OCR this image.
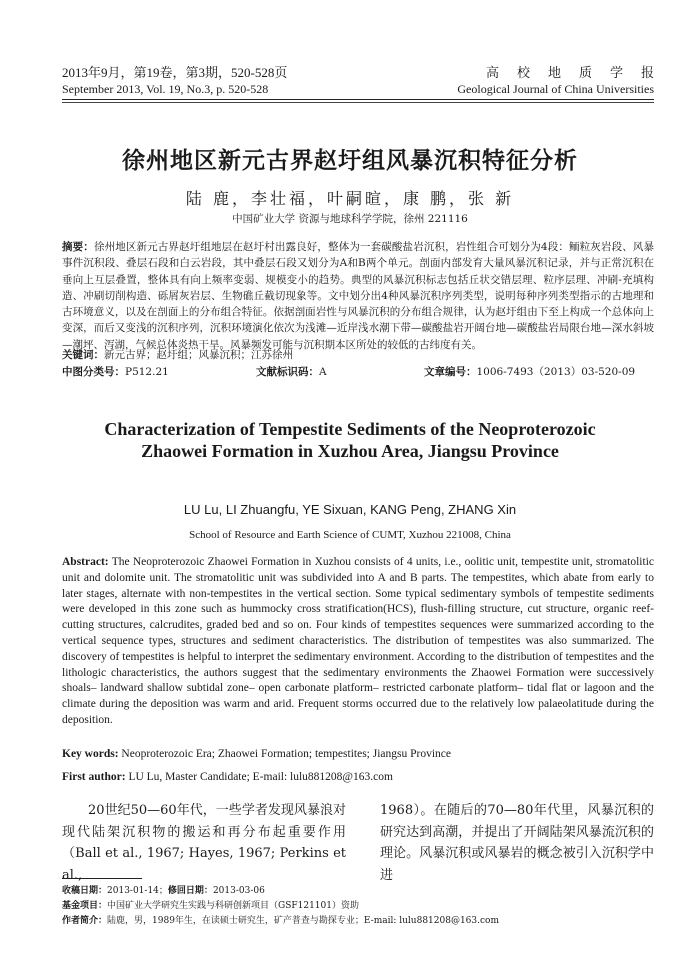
2013年9月，第19卷，第3期，520-528页	高校地质学报
September 2013, Vol. 19, No.3, p. 520-528	Geological Journal of China Universities
徐州地区新元古界赵圩组风暴沉积特征分析
陆 鹿，李壮福，叶嗣暄，康 鹏，张 新
中国矿业大学 资源与地球科学学院，徐州 221116
摘要：徐州地区新元古界赵圩组地层在赵圩村出露良好，整体为一套碳酸盐岩沉积，岩性组合可划分为4段：鲕粒灰岩段、风暴事件沉积段、叠层石段和白云岩段，其中叠层石段又划分为A和B两个单元。剖面内部发育大量风暴沉积记录，并与正常沉积在垂向上互层叠置，整体具有向上频率变弱、规模变小的趋势。典型的风暴沉积标志包括丘状交错层理、粒序层理、冲刷-充填构造、冲刷切削构造、砾屑灰岩层、生物礁丘截切现象等。文中划分出4种风暴沉积序列类型，说明每种序列类型指示的古地理和古环境意义，以及在剖面上的分布组合特征。依据剖面岩性与风暴沉积的分布组合规律，认为赵圩组由下至上构成一个总体向上变深，而后又变浅的沉积序列，沉积环境演化依次为浅滩—近岸浅水潮下带—碳酸盐岩开阔台地—碳酸盐岩局限台地—深水斜坡—潮坪、泻湖，气候总体炎热干旱。风暴频发可能与沉积期本区所处的较低的古纬度有关。
关键词：新元古界；赵圩组；风暴沉积；江苏徐州
中图分类号：P512.21	文献标识码：A	文章编号：1006-7493（2013）03-520-09
Characterization of Tempestite Sediments of the Neoproterozoic
Zhaowei Formation in Xuzhou Area, Jiangsu Province
LU Lu, LI Zhuangfu, YE Sixuan, KANG Peng, ZHANG Xin
School of Resource and Earth Science of CUMT, Xuzhou 221008, China
Abstract: The Neoproterozoic Zhaowei Formation in Xuzhou consists of 4 units, i.e., oolitic unit, tempestite unit, stromatolitic unit and dolomite unit. The stromatolitic unit was subdivided into A and B parts. The tempestites, which abate from early to later stages, alternate with non-tempestites in the vertical section. Some typical sedimentary symbols of tempestite sediments were developed in this zone such as hummocky cross stratification(HCS), flush-filling structure, cut structure, organic reef-cutting structures, calcrudites, graded bed and so on. Four kinds of tempestites sequences were summarized according to the vertical sequence types, structures and sediment characteristics. The distribution of tempestites was also summarized. The discovery of tempestites is helpful to interpret the sedimentary environment. According to the distribution of tempestites and the lithologic characteristics, the authors suggest that the sedimentary environments the Zhaowei Formation were successively shoals– landward shallow subtidal zone– open carbonate platform– restricted carbonate platform– tidal flat or lagoon and the climate during the deposition was warm and arid. Frequent storms occurred due to the relatively low palaeolatitude during the deposition.
Key words: Neoproterozoic Era; Zhaowei Formation; tempestites; Jiangsu Province
First author: LU Lu, Master Candidate; E-mail: lulu881208@163.com
20世纪50—60年代，一些学者发现风暴浪对现代陆架沉积物的搬运和再分布起重要作用（Ball et al., 1967; Hayes, 1967; Perkins et al.,
1968）。在随后的70—80年代里，风暴沉积的研究达到高潮，并提出了开阔陆架风暴流沉积的理论。风暴沉积或风暴岩的概念被引入沉积学中进
收稿日期：2013-01-14；修回日期：2013-03-06
基金项目：中国矿业大学研究生实践与科研创新项目（GSF121101）资助
作者简介：陆鹿，男，1989年生，在读硕士研究生，矿产普查与勘探专业；E-mail: lulu881208@163.com
